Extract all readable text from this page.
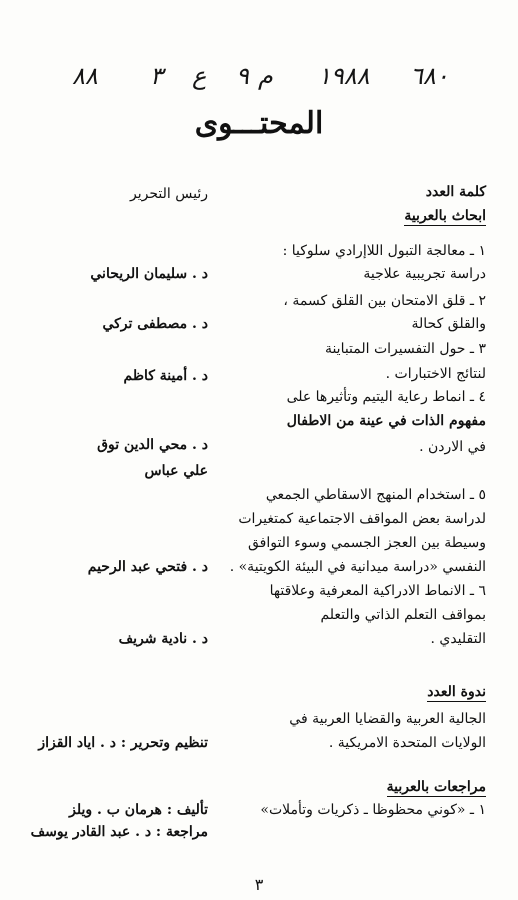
٨٨ ٣ ع ٩ م ١٩٨٨ ٦٨٠
المحتـــوى
كلمة العدد
رئيس التحرير
ابحاث بالعربية
١ ـ معالجة التبول اللاإرادي سلوكيا :
دراسة تجريبية علاجية
د . سليمان الريحاني
٢ ـ قلق الامتحان بين القلق كسمة ،
والقلق كحالة
د . مصطفى تركي
٣ ـ حول التفسيرات المتباينة
لنتائج الاختبارات .
د . أمينة كاظم
٤ ـ انماط رعاية اليتيم وتأثيرها على
مفهوم الذات في عينة من الاطفال
في الاردن .
د . محي الدين توق
علي عباس
٥ ـ استخدام المنهج الاسقاطي الجمعي
لدراسة بعض المواقف الاجتماعية كمتغيرات
وسيطة بين العجز الجسمي وسوء التوافق
النفسي «دراسة ميدانية في البيئة الكويتية» .
د . فتحي عبد الرحيم
٦ ـ الانماط الادراكية المعرفية وعلاقتها
بمواقف التعلم الذاتي والتعلم
التقليدي .
د . نادية شريف
ندوة العدد
الجالية العربية والقضايا العربية في
الولايات المتحدة الامريكية .
تنظيم وتحرير : د . اياد القزاز
مراجعات بالعربية
١ ـ «كوني محظوظا ـ ذكريات وتأملات»
تأليف : هرمان ب . ويلز
مراجعة : د . عبد القادر يوسف
٣
